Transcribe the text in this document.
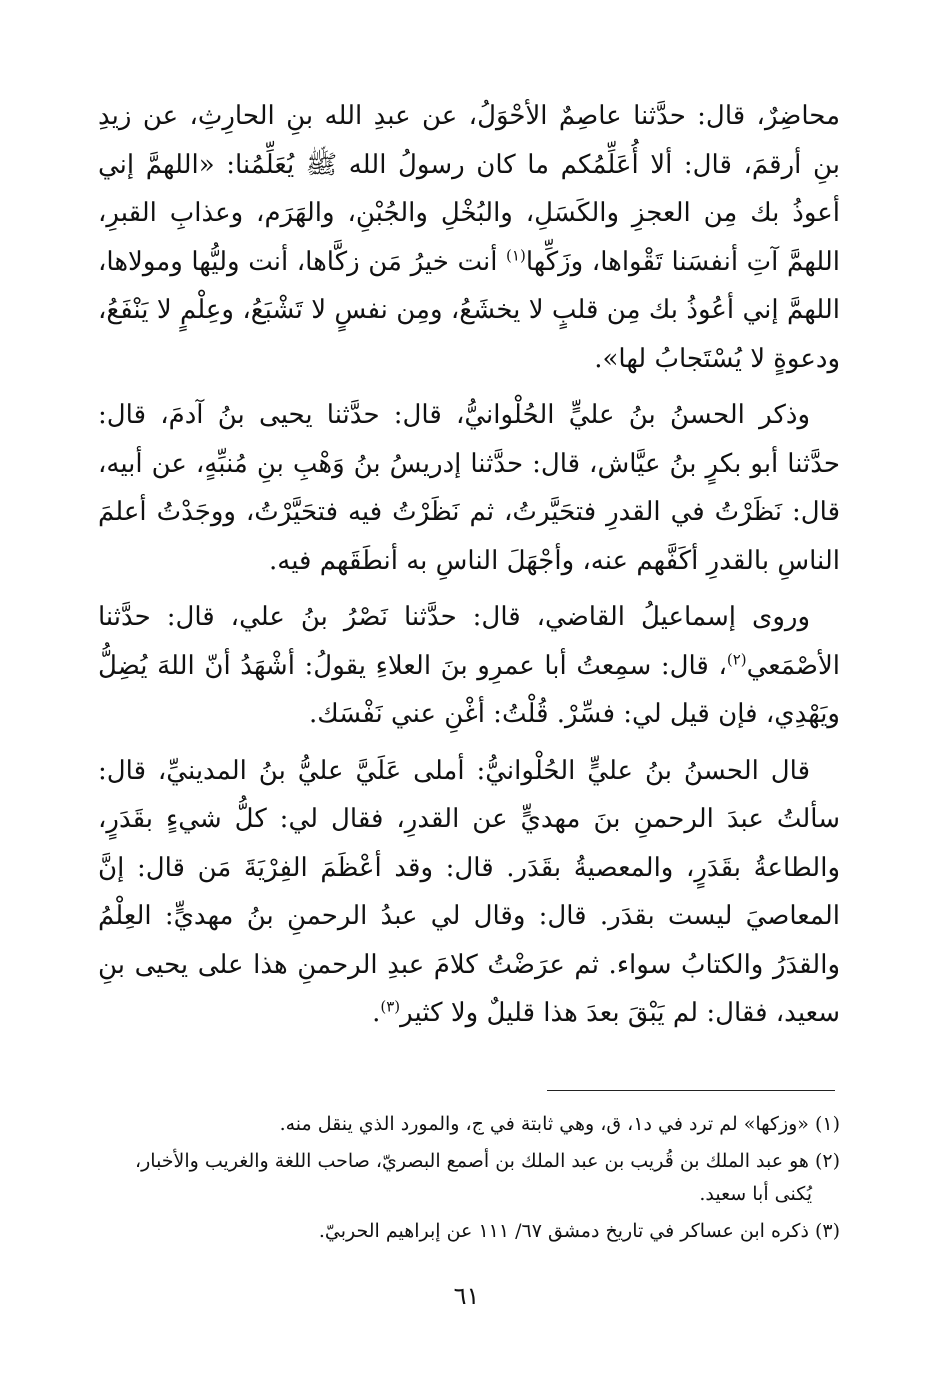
محاضِرٌ، قال: حدَّثنا عاصِمٌ الأحْوَلُ، عن عبدِ الله بنِ الحارِثِ، عن زيدِ بنِ أرقمَ، قال: ألا أُعَلِّمُكم ما كان رسولُ الله ﷺ يُعَلِّمُنا: «اللهمَّ إني أعوذُ بك مِن العجزِ والكَسَلِ، والبُخْلِ والجُبْنِ، والهَرَم، وعذابِ القبرِ، اللهمَّ آتِ أنفسَنا تَقْواها، وزَكِّها$^{(١)}$ أنت خيرُ مَن زكَّاها، أنت وليُّها ومولاها، اللهمَّ إني أعُوذُ بك مِن قلبٍ لا يخشَعُ، ومِن نفسٍ لا تَشْبَعُ، وعِلْمٍ لا يَنْفَعُ، ودعوةٍ لا يُسْتَجابُ لها».

وذكر الحسنُ بنُ عليٍّ الحُلْوانيُّ، قال: حدَّثنا يحيى بنُ آدمَ، قال: حدَّثنا أبو بكرٍ بنُ عيَّاش، قال: حدَّثنا إدريسُ بنُ وَهْبِ بنِ مُنبِّهٍ، عن أبيه، قال: نَظَرْتُ في القدرِ فتحَيَّرتُ، ثم نَظَرْتُ فيه فتحَيَّرْتُ، ووجَدْتُ أعلمَ الناسِ بالقدرِ أكَفَّهم عنه، وأجْهَلَ الناسِ به أنطَقَهم فيه.

وروى إسماعيلُ القاضي، قال: حدَّثنا نَصْرُ بنُ علي، قال: حدَّثنا الأصْمَعي$^{(٢)}$، قال: سمِعتُ أبا عمرِو بنَ العلاءِ يقولُ: أشْهَدُ أنّ اللهَ يُضِلُّ ويَهْدِي، فإن قيل لي: فسِّرْ. قُلْتُ: أغْنِ عني نَفْسَك.

قال الحسنُ بنُ عليٍّ الحُلْوانيُّ: أملى عَلَيَّ عليُّ بنُ المدينيِّ، قال: سألتُ عبدَ الرحمنِ بنَ مهديٍّ عن القدرِ، فقال لي: كلُّ شيءٍ بقَدَرٍ، والطاعةُ بقَدَرٍ، والمعصيةُ بقَدَر. قال: وقد أعْظَمَ الفِرْيَةَ مَن قال: إنَّ المعاصيَ ليست بقدَر. قال: وقال لي عبدُ الرحمنِ بنُ مهديٍّ: العِلْمُ والقدَرُ والكتابُ سواء. ثم عرَضْتُ كلامَ عبدِ الرحمنِ هذا على يحيى بنِ سعيد، فقال: لم يَبْقَ بعدَ هذا قليلٌ ولا كثير$^{(٣)}$.

(١)«وزكها» لم ترد في د١، ق، وهي ثابتة في ج، والمورد الذي ينقل منه.

(٢)هو عبد الملك بن قُريب بن عبد الملك بن أصمع البصريّ، صاحب اللغة والغريب والأخبار،
يُكنى أبا سعيد.

(٣)ذكره ابن عساكر في تاريخ دمشق ٦٧/ ١١١ عن إبراهيم الحربيّ.

٦١
